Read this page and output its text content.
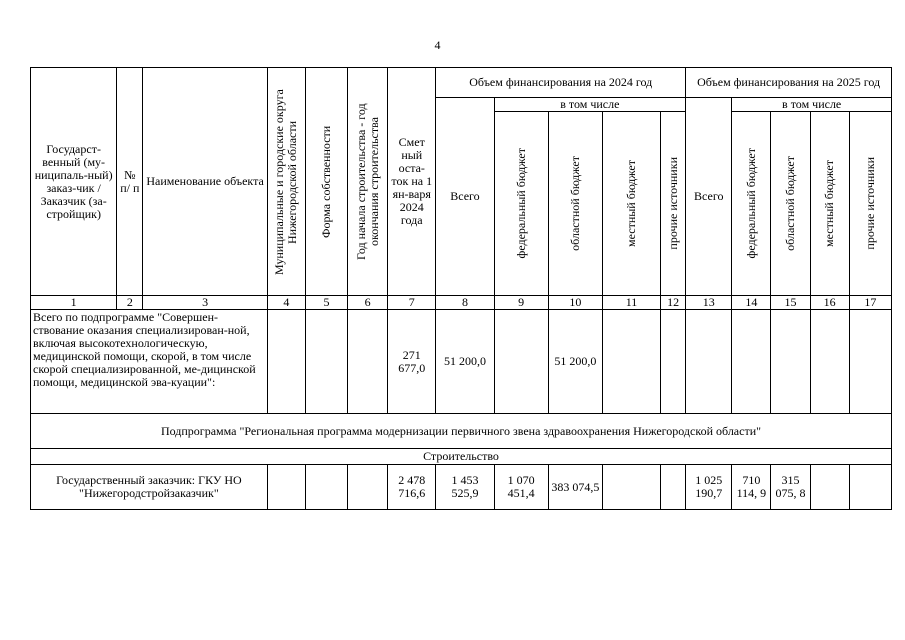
4
Государст-венный (му-ниципаль-ный) заказ-чик / Заказчик (за-стройщик)	№ п/ п	Наименование объекта	Муниципальные и городские округа Нижегородской области	Форма собственности	Год начала строительства - год окончания строительства	Смет ный оста-ток на 1 ян-варя 2024 года	Объем финансирования на 2024 год					Объем финансирования на 2025 год				
							Всего	в том числе				Всего	в том числе			

								федеральный бюджет	областной бюджет	местный бюджет	прочие источники		федеральный бюджет	областной бюджет	местный бюджет	прочие источники

1	2	3	4	5	6	7	8	9	10	11	12	13	14	15	16	17
Всего по подпрограмме "Совершен-ствование оказания специализирован-ной, включая высокотехнологическую, медицинской помощи, скорой, в том числе скорой специализированной, ме-дицинской помощи, медицинской эва-куации":						271 677,0	51 200,0		51 200,0							
Подпрограмма "Региональная программа модернизации первичного звена здравоохранения Нижегородской области"																
Строительство																
Государственный заказчик: ГКУ НО "Нижегородстройзаказчик"						2 478 716,6	1 453 525,9	1 070 451,4	383 074,5			1 025 190,7	710 114, 9	315 075, 8		
